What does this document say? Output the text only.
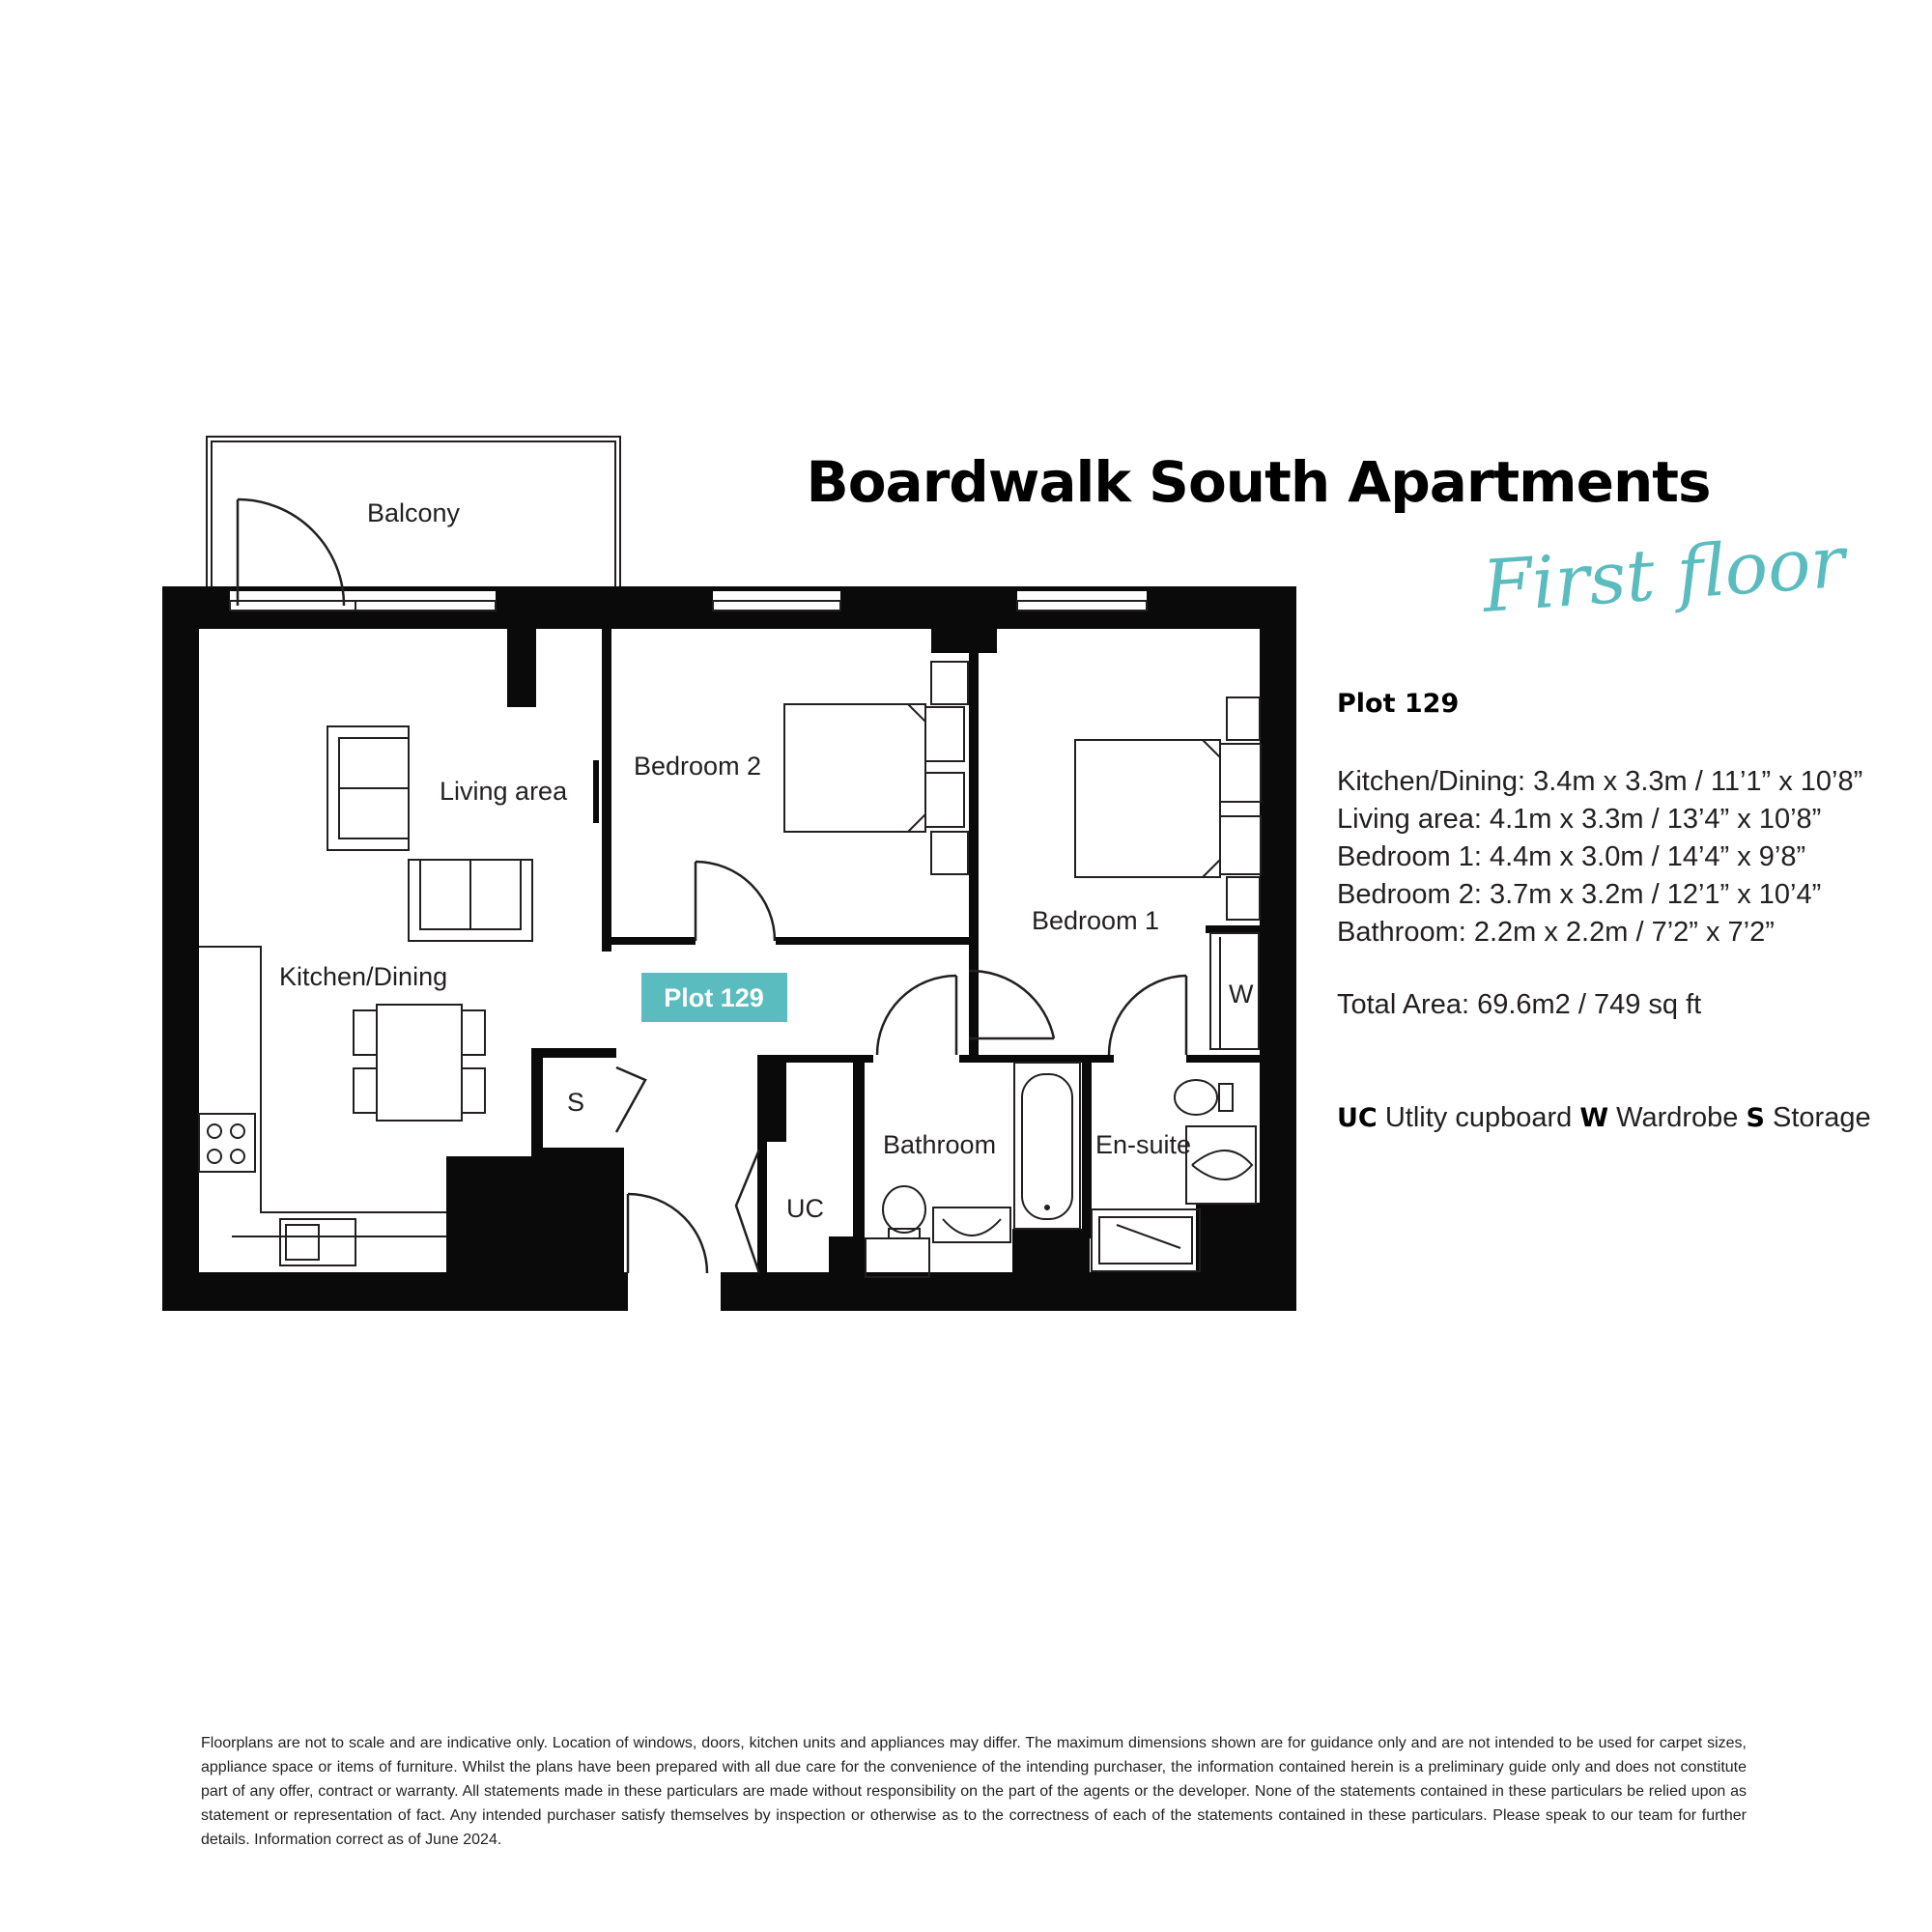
Balcony
Living area
Kitchen/Dining
Bedroom 2
Bedroom 1
Bathroom	En-suite
S
UC
W
Plot 129
Boardwalk South Apartments
First floor
Plot 129
Kitchen/Dining: 3.4m x 3.3m / 11’1” x 10’8”
Living area: 4.1m x 3.3m / 13’4” x 10’8”
Bedroom 1: 4.4m x 3.0m / 14’4” x 9’8”
Bedroom 2: 3.7m x 3.2m / 12’1” x 10’4”
Bathroom: 2.2m x 2.2m / 7’2” x 7’2”
Total Area: 69.6m2 / 749 sq ft
UC Utlity cupboard W Wardrobe S Storage

Floorplans are not to scale and are indicative only. Location of windows, doors, kitchen units and appliances may differ. The maximum dimensions shown are for guidance only and are not intended to be used for carpet sizes, appliance space or items of furniture. Whilst the plans have been prepared with all due care for the convenience of the intending purchaser, the information contained herein is a preliminary guide only and does not constitute part of any offer, contract or warranty. All statements made in these particulars are made without responsibility on the part of the agents or the developer. None of the statements contained in these particulars be relied upon as statement or representation of fact. Any intended purchaser satisfy themselves by inspection or otherwise as to the correctness of each of the statements contained in these particulars. Please speak to our team for further details. Information correct as of June 2024.
